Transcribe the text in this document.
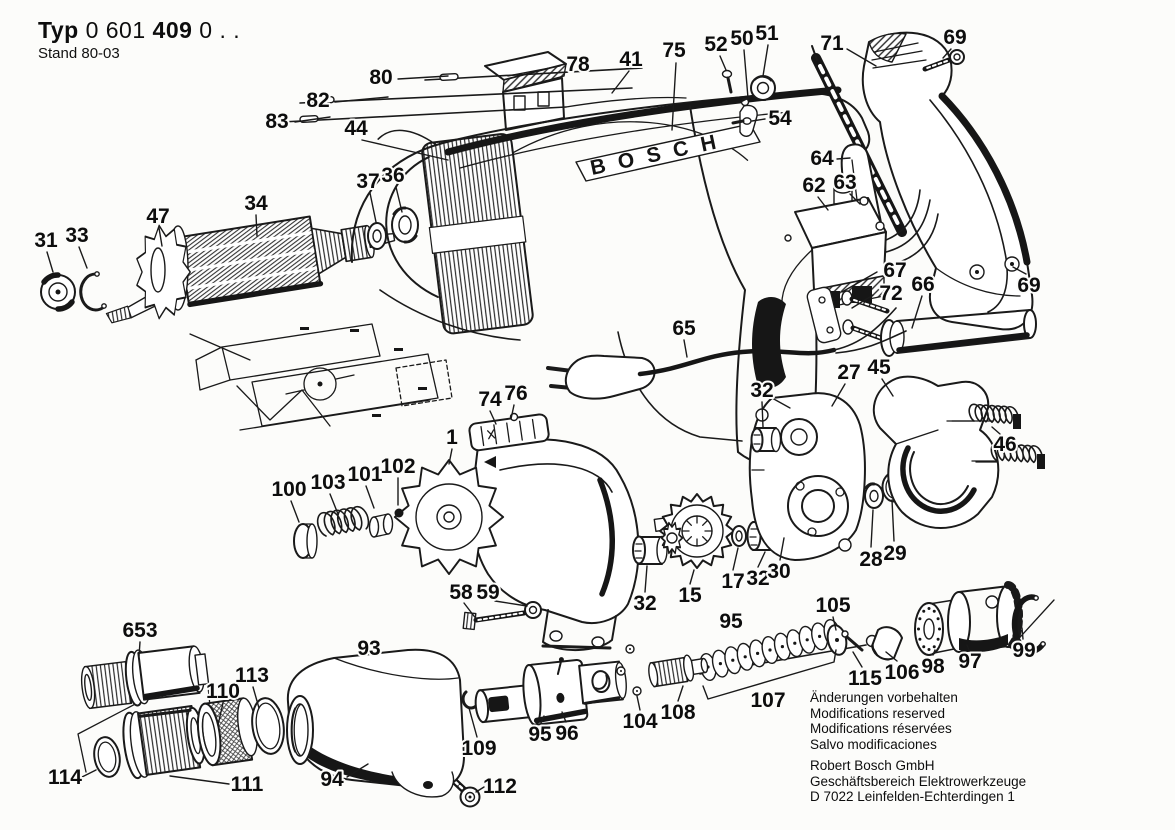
Typ 0 601 409 0 . .
Stand 80-03
BOSCH
78
80
82
83	44
41 75 52 50 51 71	69
54
64
62 63
37 36
34
47
31 33
67
72 66	69
65
32
27 45
46
74 76
1
100 103 101
102
28 29
17 32
30
32 15
58 59
105
95
653
93
115 106 98 97 99
110
113
107
104 108
95 96
109
114	111	94	112
Änderungen vorbehalten
Modifications reserved
Modifications réservées
Salvo modificaciones
Robert Bosch GmbH
Geschäftsbereich Elektrowerkzeuge
D 7022 Leinfelden-Echterdingen 1
